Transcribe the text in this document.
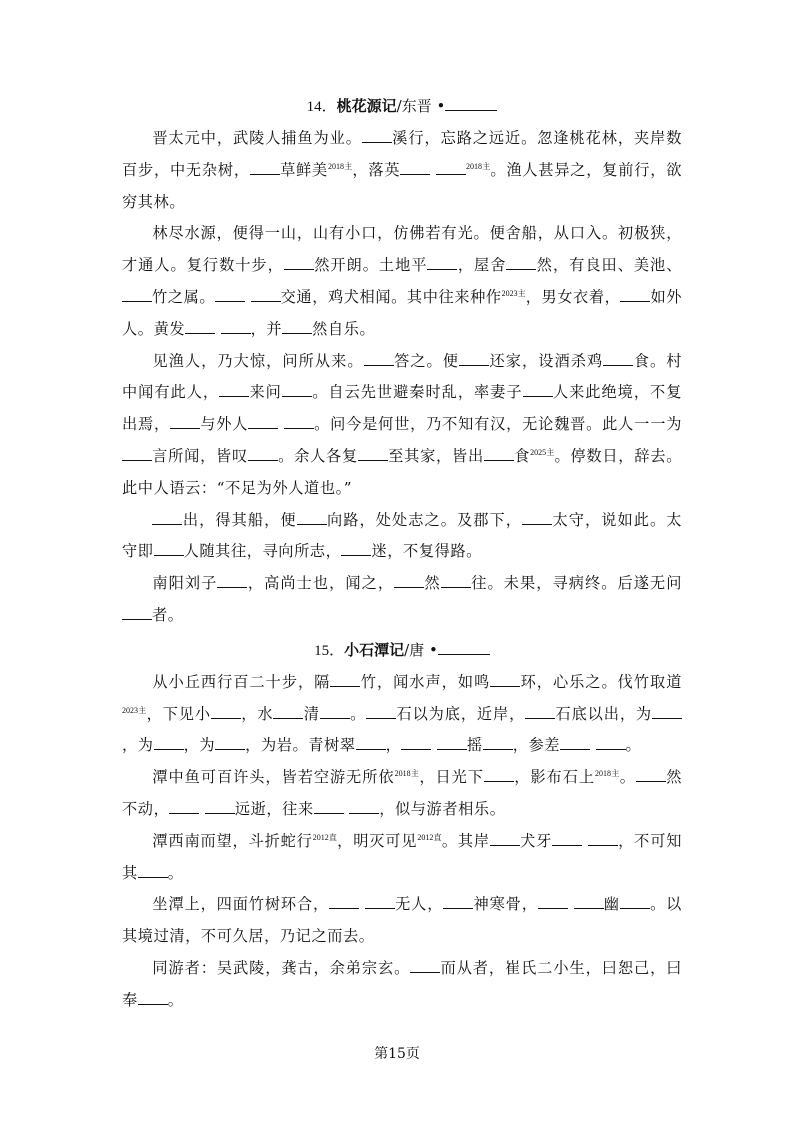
14．桃花源记/东晋 •

晋太元中，武陵人捕鱼为业。 溪行，忘路之远近。忽逢桃花林，夹岸数百步，中无杂树， 草鲜美$^{2018主}$，落英	$^{2018主}$。渔人甚异之，复前行，欲穷其林。

林尽水源，便得一山，山有小口，仿佛若有光。便舍船，从口入。初极狭，才通人。复行数十步， 然开朗。土地平 ，屋舍 然，有良田、美池、竹之属。	交通，鸡犬相闻。其中往来种作$^{2023主}$，男女衣着， 如外人。黄发	，并 然自乐。

见渔人，乃大惊，问所从来。 答之。便 还家，设酒杀鸡 食。村中闻有此人， 来问 。自云先世避秦时乱，率妻子 人来此绝境，不复出焉， 与外人	。问今是何世，乃不知有汉，无论魏晋。此人一一为言所闻，皆叹 。余人各复 至其家，皆出 食$^{2025主}$。停数日，辞去。此中人语云：“不足为外人道也。”

出，得其船，便 向路，处处志之。及郡下， 太守，说如此。太守即 人随其往，寻向所志， 迷，不复得路。

南阳刘子 ，高尚士也，闻之， 然 往。未果，寻病终。后遂无问者。

15．小石潭记/唐 •

从小丘西行百二十步，隔 竹，闻水声，如鸣 环，心乐之。伐竹取道$^{2023主}$，下见小 ，水 清 。 石以为底，近岸， 石底以出，为，为 ，为 ，为岩。青树翠 ，	摇 ，参差	。

潭中鱼可百许头，皆若空游无所依$^{2018主}$，日光下 ，影布石上$^{2018主}$。 然不动，	远逝，往来	，似与游者相乐。

潭西南而望，斗折蛇行$^{2012直}$，明灭可见$^{2012直}$。其岸 犬牙	，不可知其 。

坐潭上，四面竹树环合，	无人， 神寒骨，	幽 。以其境过清，不可久居，乃记之而去。

同游者：吴武陵，龚古，余弟宗玄。 而从者，崔氏二小生，曰恕己，曰奉 。

第15页
